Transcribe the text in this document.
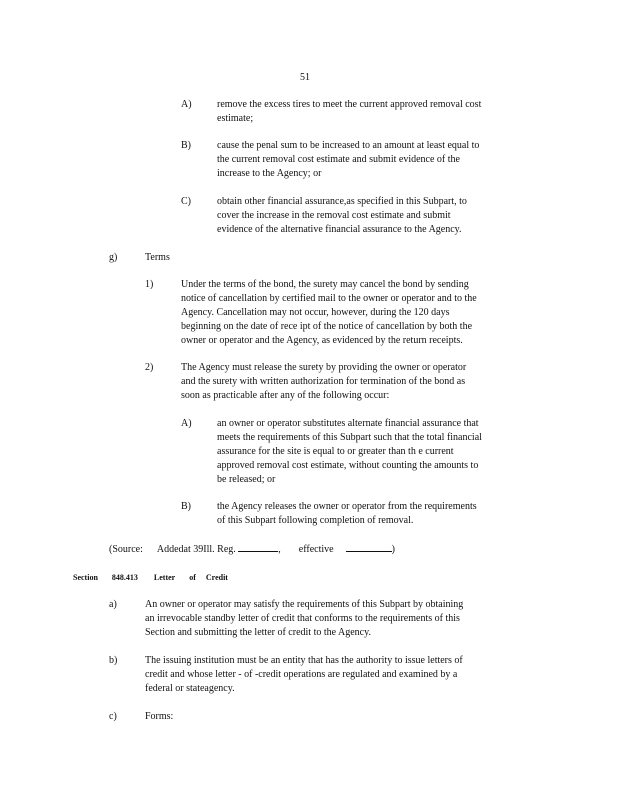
51
A)	remove the excess tires to meet the current approved removal cost

estimate;

B)	cause the penal sum to be increased to an amount at least equal to

the current removal cost estimate and submit evidence of the

increase to the Agency; or

C)	obtain other financial assurance,as specified in this Subpart, to

cover the increase in the removal cost estimate and submit

evidence of the alternative financial assurance to the Agency.

g)	Terms
1)	Under the terms of the bond, the surety may cancel the bond by sending

notice of cancellation by certified mail to the owner or operator and to the

Agency. Cancellation may not occur, however, during the 120 days

beginning on the date of rece ipt of the notice of cancellation by both the

owner or operator and the Agency, as evidenced by the return receipts.

2)	The Agency must release the surety by providing the owner or operator

and the surety with written authorization for termination of the bond as

soon as practicable after any of the following occur:

A)	an owner or operator substitutes alternate financial assurance that

meets the requirements of this Subpart such that the total financial

assurance for the site is equal to or greater than th e current

approved removal cost estimate, without counting the amounts to

be released; or

B)	the Agency releases the owner or operator from the requirements

of this Subpart following completion of removal.

(Source: Addedat 39Ill. Reg.	, effective	)
Section 848.413 Letter of Credit
a)	An owner or operator may satisfy the requirements of this Subpart by obtaining

an irrevocable standby letter of credit that conforms to the requirements of this

Section and submitting the letter of credit to the Agency.

b)	The issuing institution must be an entity that has the authority to issue letters of

credit and whose letter - of -credit operations are regulated and examined by a

federal or stateagency.

c)	Forms:
